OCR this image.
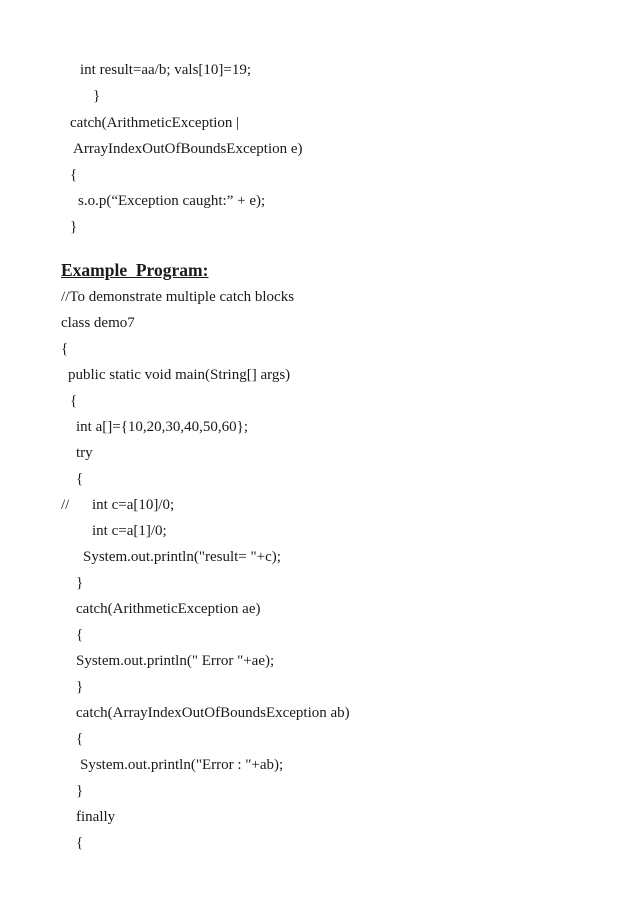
int result=aa/b; vals[10]=19;
}
catch(ArithmeticException |
ArrayIndexOutOfBoundsException e)
{
s.o.p(“Exception caught:” + e);
}
Example  Program:
//To demonstrate multiple catch blocks
class demo7
{
public static void main(String[] args)
{
int a[]={10,20,30,40,50,60};
try
{
// int c=a[10]/0;
int c=a[1]/0;
System.out.println("result= "+c);
}
catch(ArithmeticException ae)
{
System.out.println(" Error "+ae);
}
catch(ArrayIndexOutOfBoundsException ab)
{
System.out.println("Error : "+ab);
}
finally
{
